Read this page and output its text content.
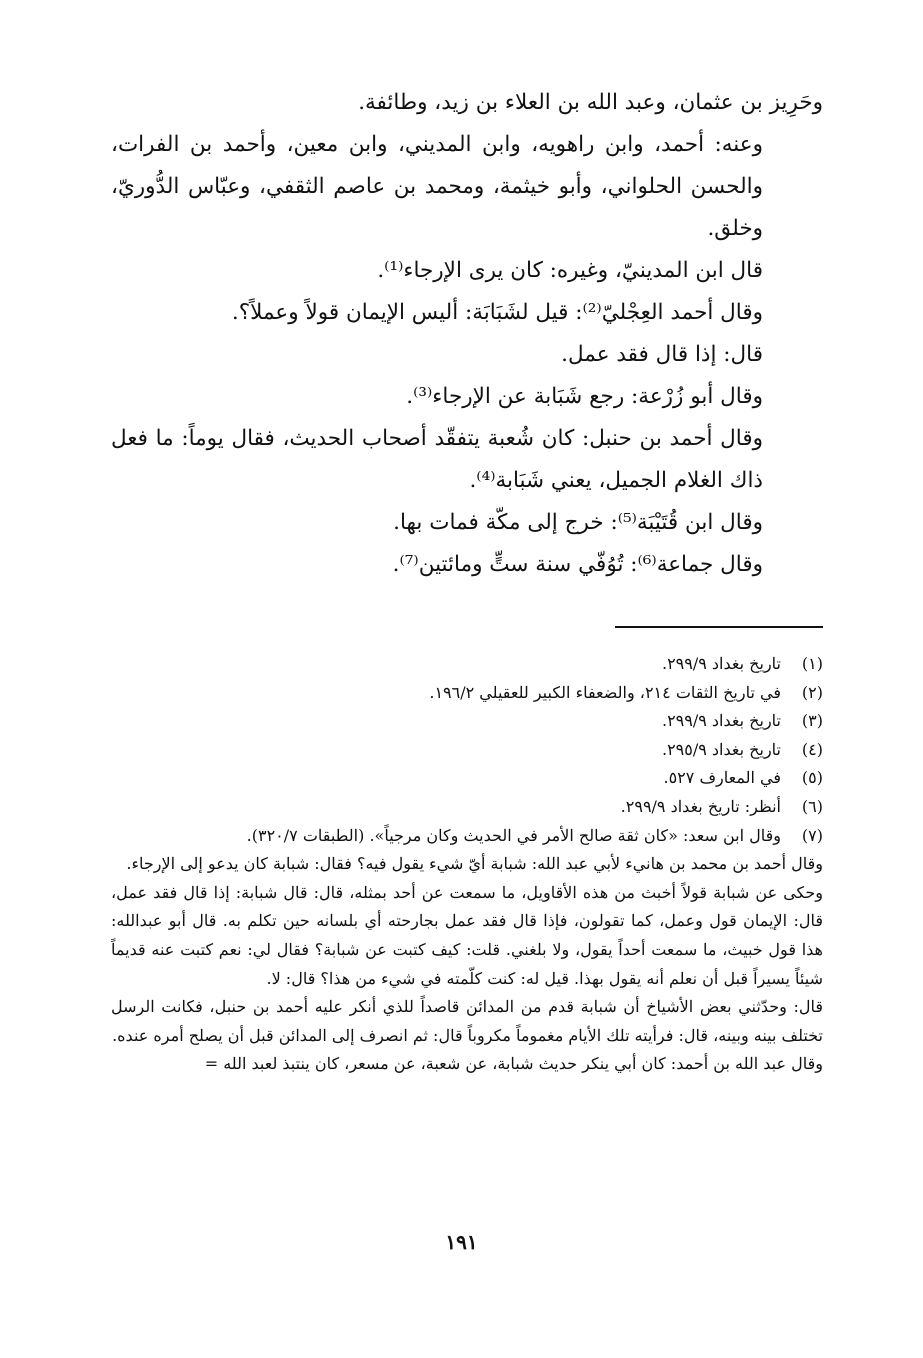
وحَرِيز بن عثمان، وعبد الله بن العلاء بن زيد، وطائفة.

وعنه: أحمد، وابن راهويه، وابن المديني، وابن معين، وأحمد بن الفرات، والحسن الحلواني، وأبو خيثمة، ومحمد بن عاصم الثقفي، وعبّاس الدُّوريّ، وخلق.

قال ابن المدينيّ، وغيره: كان يرى الإرجاء⁽¹⁾.

وقال أحمد العِجْليّ⁽²⁾: قيل لشَبَابَة: أليس الإيمان قولاً وعملاً؟.

قال: إذا قال فقد عمل.

وقال أبو زُرْعة: رجع شَبَابة عن الإرجاء⁽³⁾.

وقال أحمد بن حنبل: كان شُعبة يتفقّد أصحاب الحديث، فقال يوماً: ما فعل ذاك الغلام الجميل، يعني شَبَابة⁽⁴⁾.

وقال ابن قُتَيْبَة⁽⁵⁾: خرج إلى مكّة فمات بها.

وقال جماعة⁽⁶⁾: تُوُفّي سنة ستٍّ ومائتين⁽⁷⁾.

(١)

تاريخ بغداد ٢٩٩/٩.

(٢)

في تاريخ الثقات ٢١٤، والضعفاء الكبير للعقيلي ١٩٦/٢.

(٣)

تاريخ بغداد ٢٩٩/٩.

(٤)

تاريخ بغداد ٢٩٥/٩.

(٥)

في المعارف ٥٢٧.

(٦)

أنظر: تاريخ بغداد ٢٩٩/٩.

(٧)

وقال ابن سعد: «كان ثقة صالح الأمر في الحديث وكان مرجياً». (الطبقات ٣٢٠/٧).

وقال أحمد بن محمد بن هانيء لأبي عبد الله: شبابة أيّ شيء يقول فيه؟ فقال: شبابة كان يدعو إلى الإرجاء.

وحكى عن شبابة قولاً أخبث من هذه الأقاويل، ما سمعت عن أحد بمثله، قال: قال شبابة: إذا قال فقد عمل، قال: الإيمان قول وعمل، كما تقولون، فإذا قال فقد عمل بجارحته أي بلسانه حين تكلم به. قال أبو عبدالله: هذا قول خبيث، ما سمعت أحداً يقول، ولا بلغني. قلت: كيف كتبت عن شبابة؟ فقال لي: نعم كتبت عنه قديماً شيئاً يسيراً قبل أن نعلم أنه يقول بهذا. قيل له: كنت كلّمته في شيء من هذا؟ قال: لا.

قال: وحدّثني بعض الأشياخ أن شبابة قدم من المدائن قاصداً للذي أنكر عليه أحمد بن حنبل، فكانت الرسل تختلف بينه وبينه، قال: فرأيته تلك الأيام مغموماً مكروباً قال: ثم انصرف إلى المدائن قبل أن يصلح أمره عنده.

وقال عبد الله بن أحمد: كان أبي ينكر حديث شبابة، عن شعبة، عن مسعر، كان ينتبذ لعبد الله =

١٩١
